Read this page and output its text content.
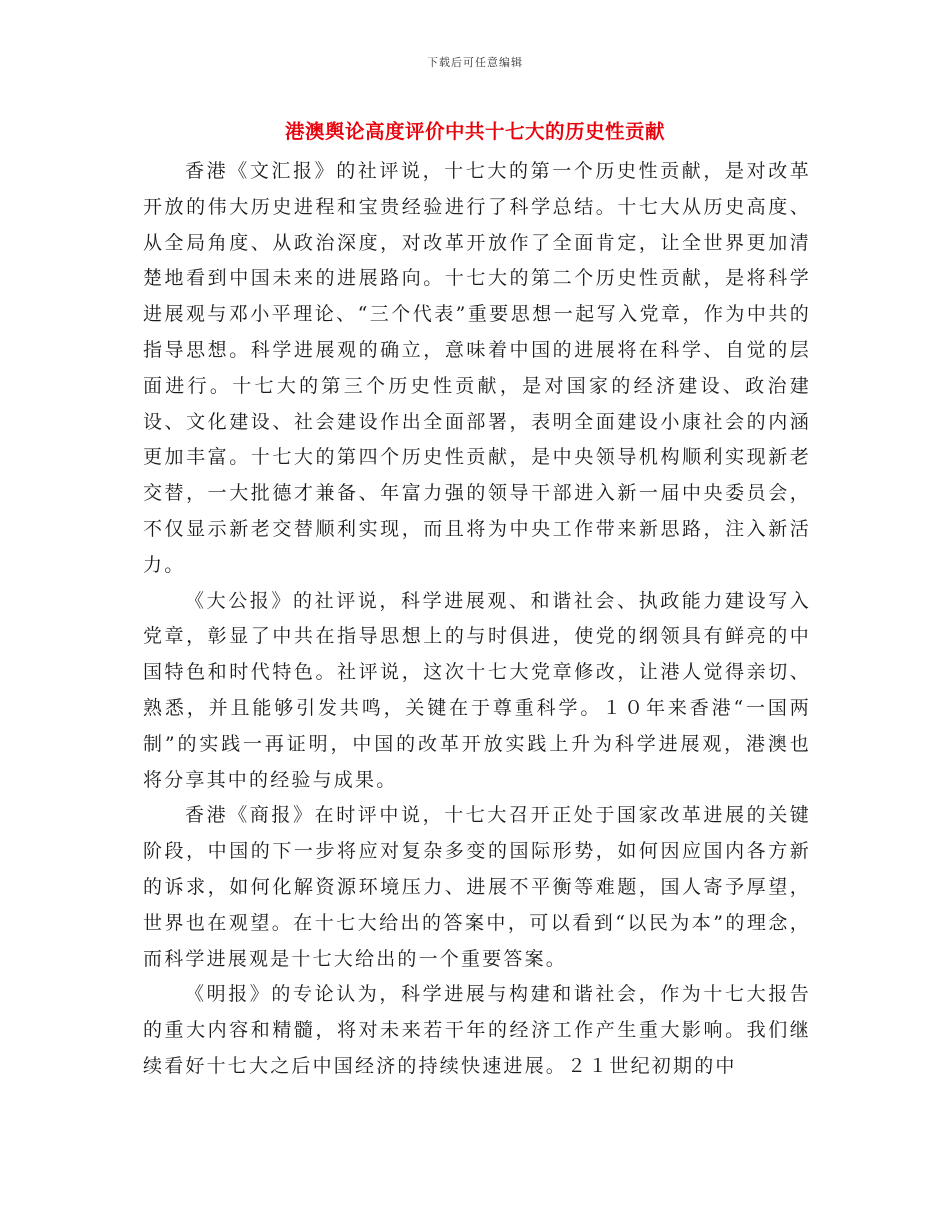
下载后可任意编辑
港澳舆论高度评价中共十七大的历史性贡献

香港《文汇报》的社评说，十七大的第一个历史性贡献，是对改革开放的伟大历史进程和宝贵经验进行了科学总结。十七大从历史高度、从全局角度、从政治深度，对改革开放作了全面肯定，让全世界更加清楚地看到中国未来的进展路向。十七大的第二个历史性贡献，是将科学进展观与邓小平理论、“三个代表”重要思想一起写入党章，作为中共的指导思想。科学进展观的确立，意味着中国的进展将在科学、自觉的层面进行。十七大的第三个历史性贡献，是对国家的经济建设、政治建设、文化建设、社会建设作出全面部署，表明全面建设小康社会的内涵更加丰富。十七大的第四个历史性贡献，是中央领导机构顺利实现新老交替，一大批德才兼备、年富力强的领导干部进入新一届中央委员会，不仅显示新老交替顺利实现，而且将为中央工作带来新思路，注入新活力。

《大公报》的社评说，科学进展观、和谐社会、执政能力建设写入党章，彰显了中共在指导思想上的与时俱进，使党的纲领具有鲜亮的中国特色和时代特色。社评说，这次十七大党章修改，让港人觉得亲切、熟悉，并且能够引发共鸣，关键在于尊重科学。１０年来香港“一国两制”的实践一再证明，中国的改革开放实践上升为科学进展观，港澳也将分享其中的经验与成果。

香港《商报》在时评中说，十七大召开正处于国家改革进展的关键阶段，中国的下一步将应对复杂多变的国际形势，如何因应国内各方新的诉求，如何化解资源环境压力、进展不平衡等难题，国人寄予厚望，世界也在观望。在十七大给出的答案中，可以看到“以民为本”的理念，而科学进展观是十七大给出的一个重要答案。

《明报》的专论认为，科学进展与构建和谐社会，作为十七大报告的重大内容和精髓，将对未来若干年的经济工作产生重大影响。我们继续看好十七大之后中国经济的持续快速进展。２１世纪初期的中
